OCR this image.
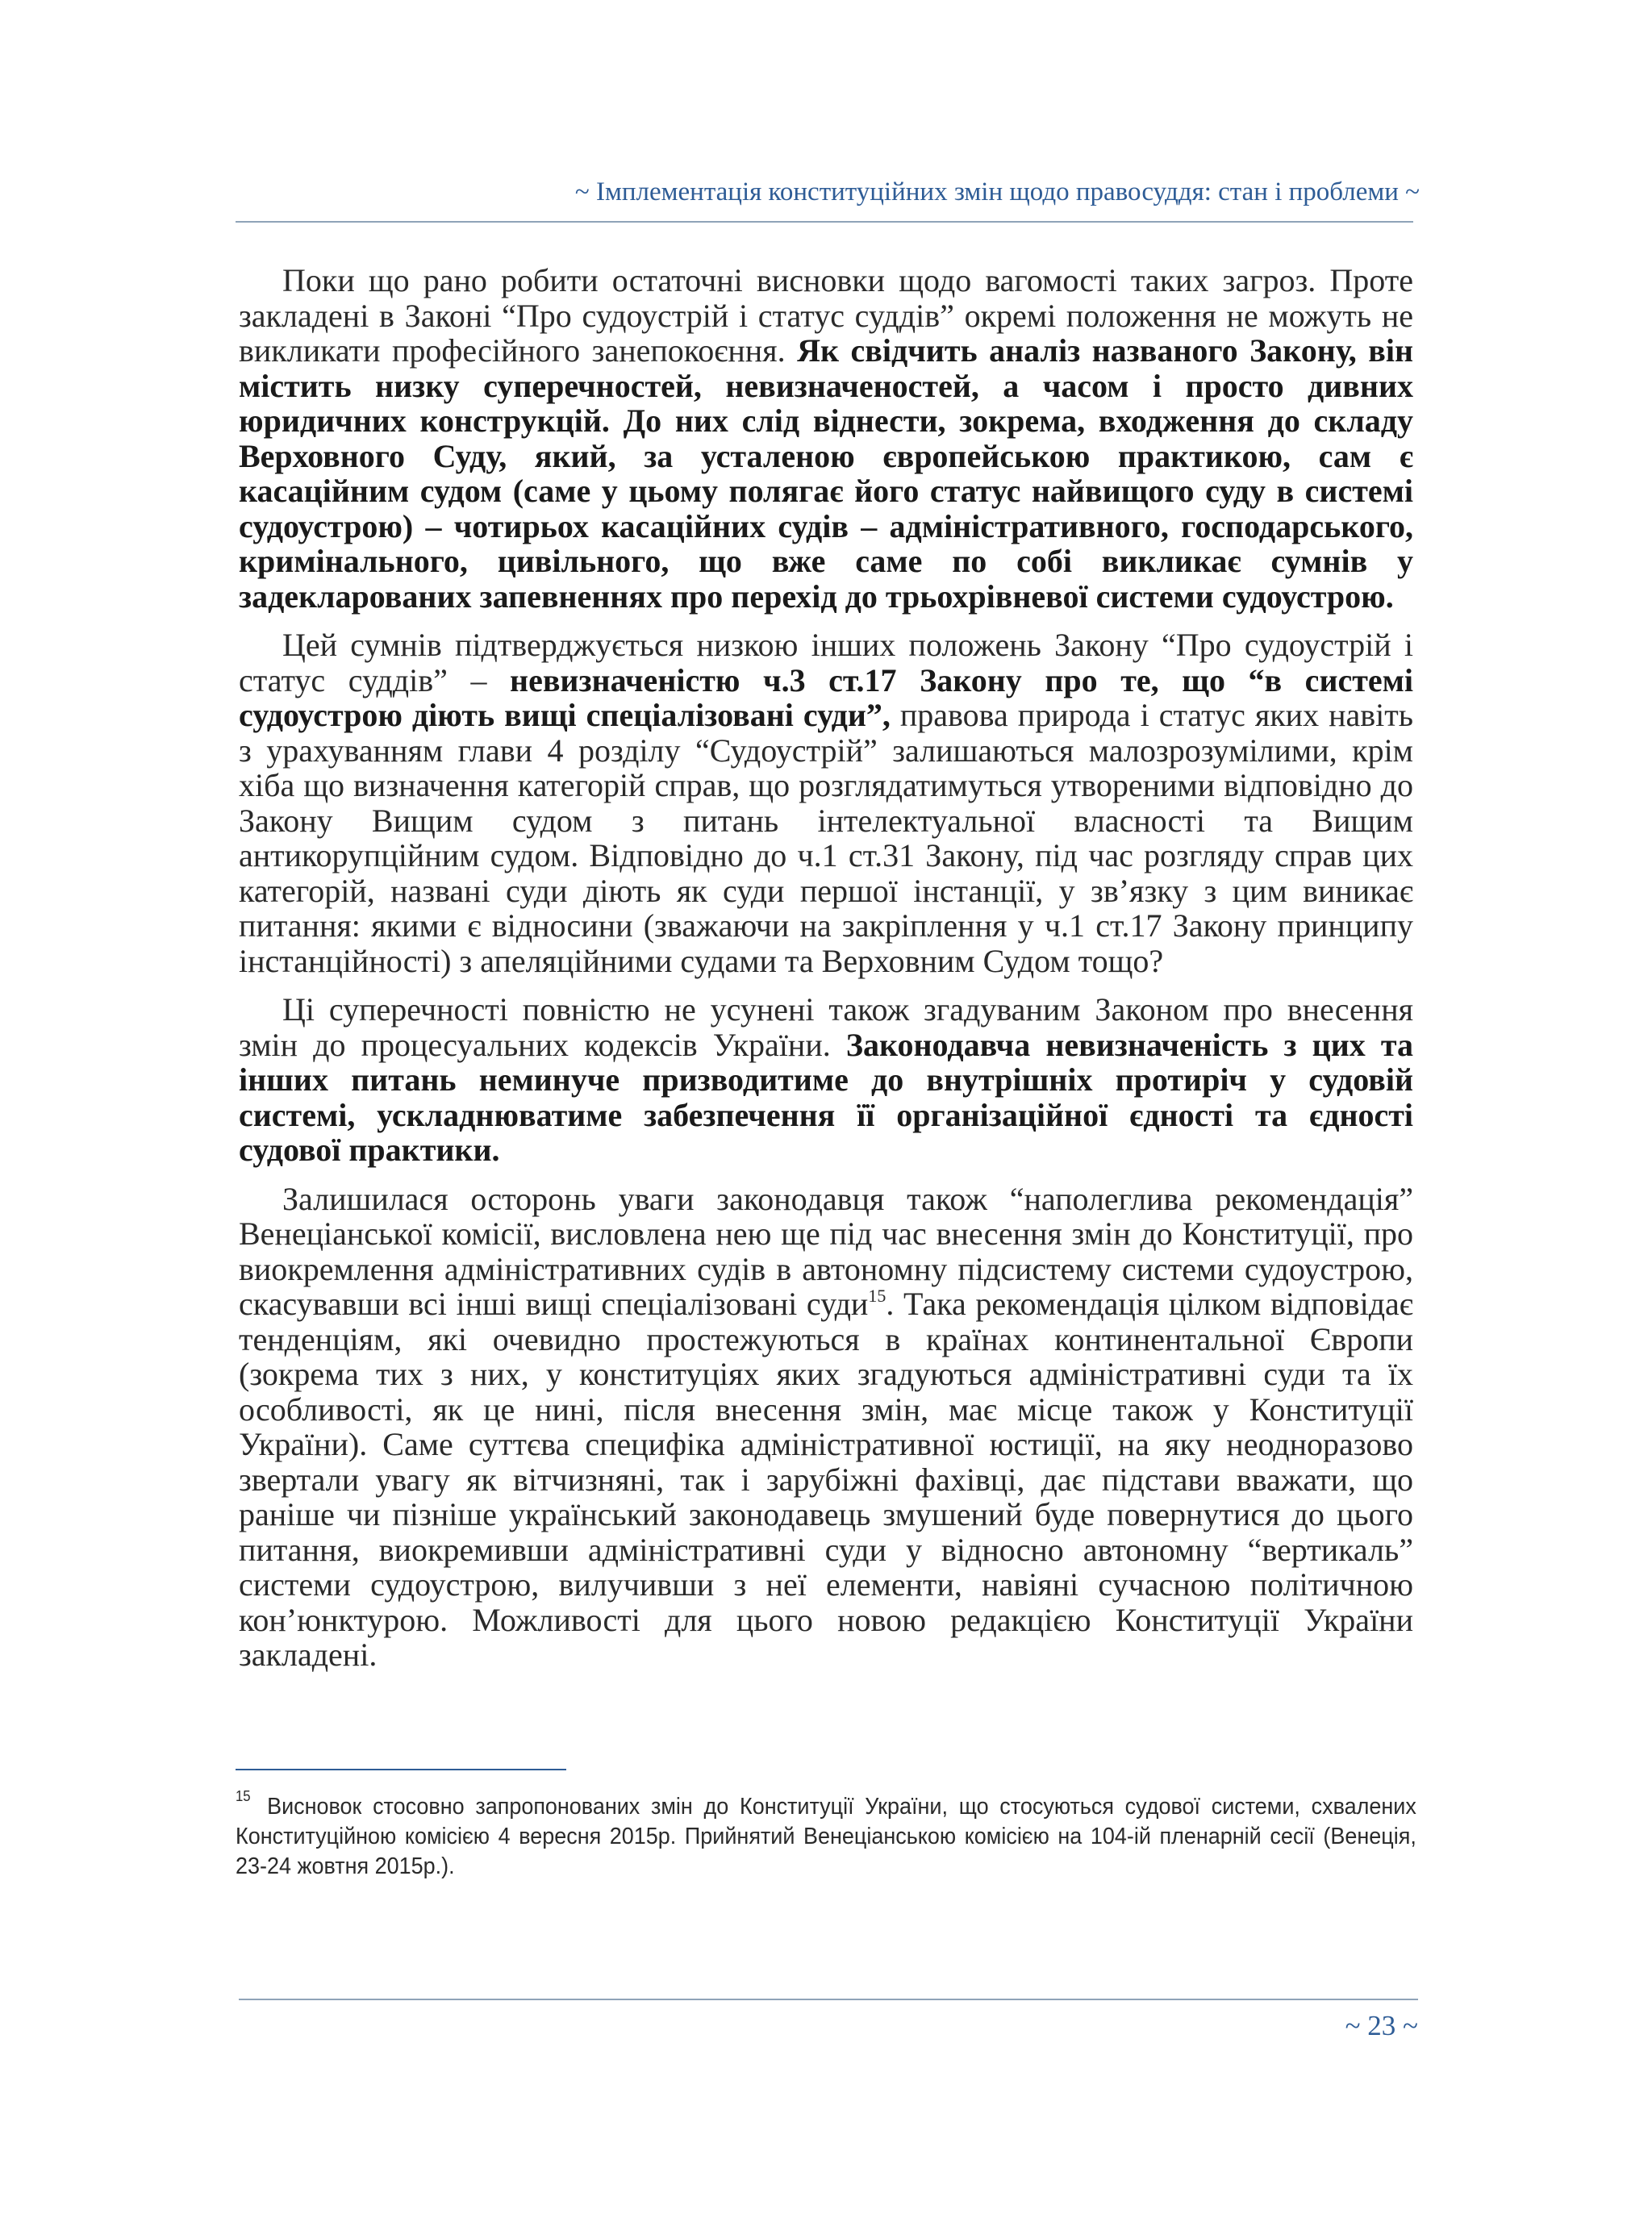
~ Імплементація конституційних змін щодо правосуддя: стан і проблеми ~

Поки що рано робити остаточні висновки щодо вагомості таких загроз. Проте закладені в Законі “Про судоустрій і статус суддів” окремі положення не можуть не викликати професійного занепокоєння. Як свідчить аналіз названого Закону, він містить низку суперечностей, невизначеностей, а часом і просто дивних юридичних конструкцій. До них слід віднести, зокрема, входження до складу Верховного Суду, який, за усталеною європейською практикою, сам є касаційним судом (саме у цьому полягає його статус найвищого суду в системі судоустрою) – чотирьох касаційних судів – адміністративного, господарського, кримінального, цивільного, що вже саме по собі викликає сумнів у задекларованих запевненнях про перехід до трьохрівневої системи судоустрою.

Цей сумнів підтверджується низкою інших положень Закону “Про судоустрій і статус суддів” – невизначеністю ч.3 ст.17 Закону про те, що “в системі судоустрою діють вищі спеціалізовані суди”, правова природа і статус яких навіть з урахуванням глави 4 розділу “Судоустрій” залишаються малозрозумілими, крім хіба що визначення категорій справ, що розглядатимуться утвореними відповідно до Закону Вищим судом з питань інтелектуальної власності та Вищим антикорупційним судом. Відповідно до ч.1 ст.31 Закону, під час розгляду справ цих категорій, названі суди діють як суди першої інстанції, у зв’язку з цим виникає питання: якими є відносини (зважаючи на закріплення у ч.1 ст.17 Закону принципу інстанційності) з апеляційними судами та Верховним Судом тощо?

Ці суперечності повністю не усунені також згадуваним Законом про внесення змін до процесуальних кодексів України. Законодавча невизначеність з цих та інших питань неминуче призводитиме до внутрішніх протиріч у судовій системі, ускладнюватиме забезпечення її організаційної єдності та єдності судової практики.

Залишилася осторонь уваги законодавця також “наполеглива рекомендація” Венеціанської комісії, висловлена нею ще під час внесення змін до Конституції, про виокремлення адміністративних судів в автономну підсистему системи судоустрою, скасувавши всі інші вищі спеціалізовані суди$^{15}$. Така рекомендація цілком відповідає тенденціям, які очевидно простежуються в країнах континентальної Європи (зокрема тих з них, у конституціях яких згадуються адміністративні суди та їх особливості, як це нині, після внесення змін, має місце також у Конституції України). Саме суттєва специфіка адміністративної юстиції, на яку неодноразово звертали увагу як вітчизняні, так і зарубіжні фахівці, дає підстави вважати, що раніше чи пізніше український законодавець змушений буде повернутися до цього питання, виокремивши адміністративні суди у відносно автономну “вертикаль” системи судоустрою, вилучивши з неї елементи, навіяні сучасною політичною кон’юнктурою. Можливості для цього новою редакцією Конституції України закладені.

$^{15}$ Висновок стосовно запропонованих змін до Конституції України, що стосуються судової системи, схвалених Конституційною комісією 4 вересня 2015р. Прийнятий Венеціанською комісією на 104-ій пленарній сесії (Венеція, 23-24 жовтня 2015р.).
~ 23 ~
